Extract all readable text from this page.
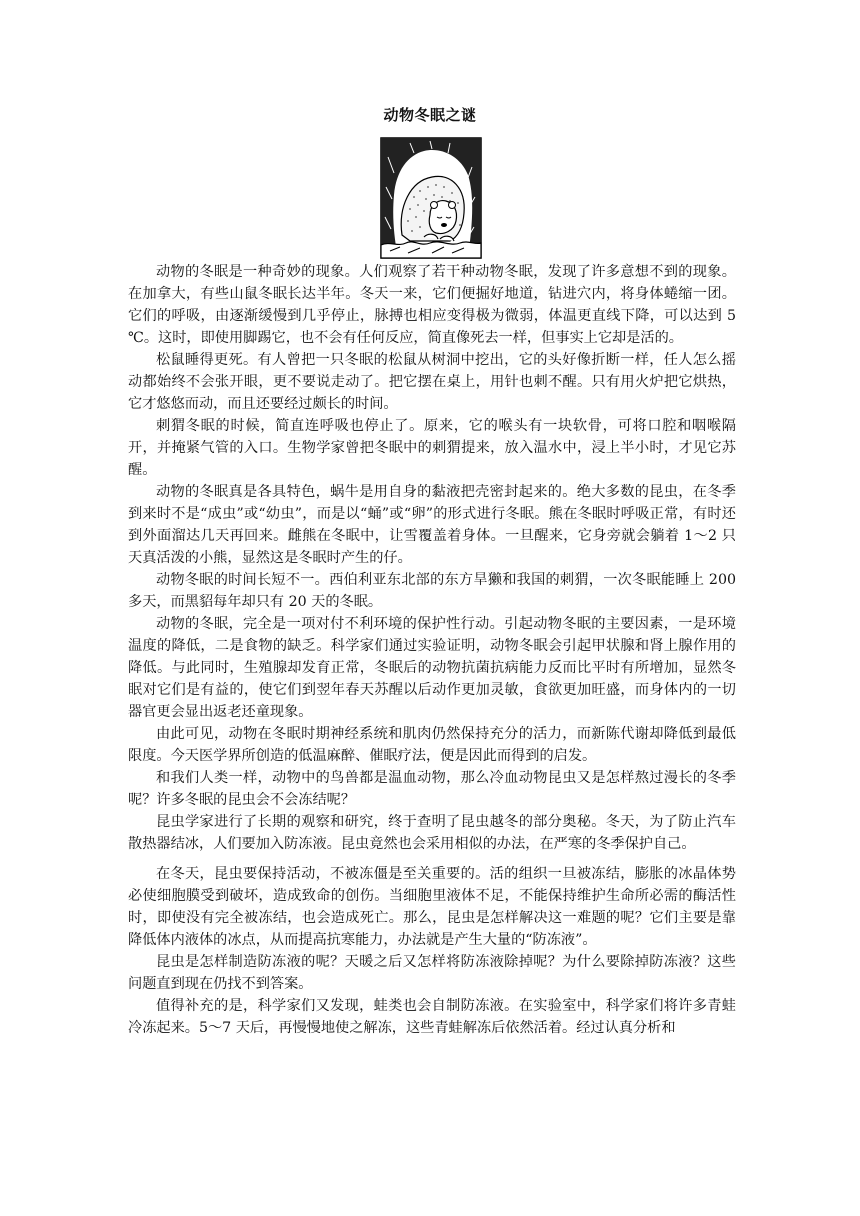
动物冬眠之谜

动物的冬眠是一种奇妙的现象。人们观察了若干种动物冬眠，发现了许多意想不到的现象。在加拿大，有些山鼠冬眠长达半年。冬天一来，它们便掘好地道，钻进穴内，将身体蜷缩一团。它们的呼吸，由逐渐缓慢到几乎停止，脉搏也相应变得极为微弱，体温更直线下降，可以达到 5 ℃。这时，即使用脚踢它，也不会有任何反应，简直像死去一样，但事实上它却是活的。

松鼠睡得更死。有人曾把一只冬眠的松鼠从树洞中挖出，它的头好像折断一样，任人怎么摇动都始终不会张开眼，更不要说走动了。把它摆在桌上，用针也刺不醒。只有用火炉把它烘热，它才悠悠而动，而且还要经过颇长的时间。

刺猬冬眠的时候，简直连呼吸也停止了。原来，它的喉头有一块软骨，可将口腔和咽喉隔开，并掩紧气管的入口。生物学家曾把冬眠中的刺猬提来，放入温水中，浸上半小时，才见它苏醒。

动物的冬眠真是各具特色，蜗牛是用自身的黏液把壳密封起来的。绝大多数的昆虫，在冬季到来时不是“成虫”或“幼虫”，而是以“蛹”或“卵”的形式进行冬眠。熊在冬眠时呼吸正常，有时还到外面溜达几天再回来。雌熊在冬眠中，让雪覆盖着身体。一旦醒来，它身旁就会躺着 1～2 只天真活泼的小熊，显然这是冬眠时产生的仔。

动物冬眠的时间长短不一。西伯利亚东北部的东方旱獭和我国的刺猬，一次冬眠能睡上 200 多天，而黑貂每年却只有 20 天的冬眠。

动物的冬眠，完全是一项对付不利环境的保护性行动。引起动物冬眠的主要因素，一是环境温度的降低，二是食物的缺乏。科学家们通过实验证明，动物冬眠会引起甲状腺和肾上腺作用的降低。与此同时，生殖腺却发育正常，冬眠后的动物抗菌抗病能力反而比平时有所增加，显然冬眠对它们是有益的，使它们到翌年春天苏醒以后动作更加灵敏，食欲更加旺盛，而身体内的一切器官更会显出返老还童现象。

由此可见，动物在冬眠时期神经系统和肌肉仍然保持充分的活力，而新陈代谢却降低到最低限度。今天医学界所创造的低温麻醉、催眠疗法，便是因此而得到的启发。

和我们人类一样，动物中的鸟兽都是温血动物，那么冷血动物昆虫又是怎样熬过漫长的冬季呢？许多冬眠的昆虫会不会冻结呢？

昆虫学家进行了长期的观察和研究，终于查明了昆虫越冬的部分奥秘。冬天，为了防止汽车散热器结冰，人们要加入防冻液。昆虫竟然也会采用相似的办法，在严寒的冬季保护自己。

在冬天，昆虫要保持活动，不被冻僵是至关重要的。活的组织一旦被冻结，膨胀的冰晶体势必使细胞膜受到破坏，造成致命的创伤。当细胞里液体不足，不能保持维护生命所必需的酶活性时，即使没有完全被冻结，也会造成死亡。那么，昆虫是怎样解决这一难题的呢？它们主要是靠降低体内液体的冰点，从而提高抗寒能力，办法就是产生大量的“防冻液”。

昆虫是怎样制造防冻液的呢？天暖之后又怎样将防冻液除掉呢？为什么要除掉防冻液？这些问题直到现在仍找不到答案。

值得补充的是，科学家们又发现，蛙类也会自制防冻液。在实验室中，科学家们将许多青蛙冷冻起来。5～7 天后，再慢慢地使之解冻，这些青蛙解冻后依然活着。经过认真分析和
